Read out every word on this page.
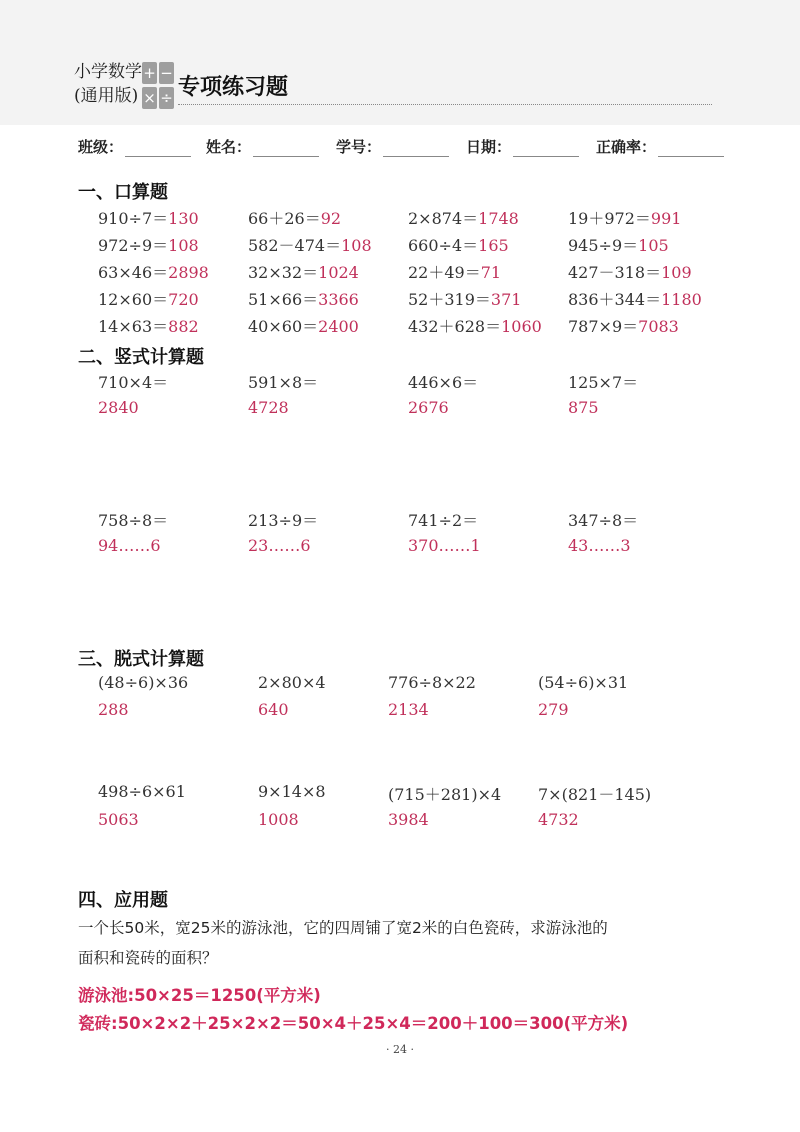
小学数学
(通用版)
+ −
× ÷ 专项练习题
班级：	姓名：	学号：	日期：	正确率：
一、口算题
910÷7＝130	66＋26＝92	2×874＝1748	19＋972＝991
972÷9＝108	582－474＝108 660÷4＝165	945÷9＝105
63×46＝2898 32×32＝1024	22＋49＝71	427－318＝109
12×60＝720	51×66＝3366	52＋319＝371	836＋344＝1180
14×63＝882	40×60＝2400	432＋628＝1060 787×9＝7083
二、竖式计算题
710×4＝	591×8＝	446×6＝	125×7＝
2840	4728	2676	875
758÷8＝	213÷9＝	741÷2＝	347÷8＝
94……6	23……6	370……1	43……3
三、脱式计算题
(48÷6)×36	2×80×4	776÷8×22	(54÷6)×31
288	640	2134	279
498÷6×61	9×14×8	(715＋281)×4 7×(821－145)
5063	1008	3984	4732
四、应用题
一个长50米，宽25米的游泳池，它的四周铺了宽2米的白色瓷砖，求游泳池的
面积和瓷砖的面积？
游泳池:50×25＝1250(平方米)
瓷砖:50×2×2＋25×2×2＝50×4＋25×4＝200＋100＝300(平方米)
· 24 ·
